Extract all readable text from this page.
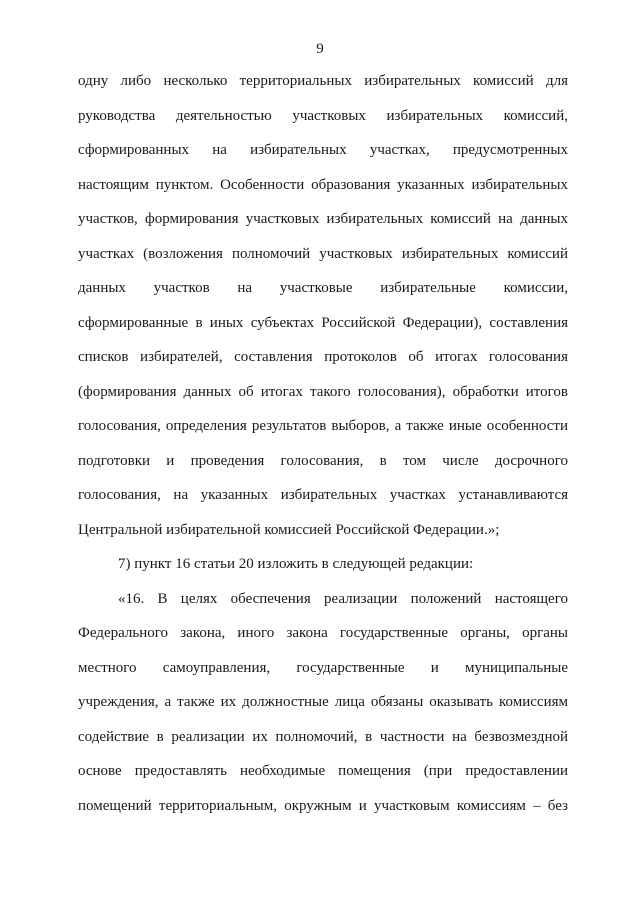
9
одну либо несколько территориальных избирательных комиссий для
руководства деятельностью участковых избирательных комиссий,
сформированных на избирательных участках, предусмотренных
настоящим пунктом. Особенности образования указанных избирательных
участков, формирования участковых избирательных комиссий на данных
участках (возложения полномочий участковых избирательных комиссий
данных участков на участковые избирательные комиссии,
сформированные в иных субъектах Российской Федерации), составления
списков избирателей, составления протоколов об итогах голосования
(формирования данных об итогах такого голосования), обработки итогов
голосования, определения результатов выборов, а также иные особенности
подготовки и проведения голосования, в том числе досрочного
голосования, на указанных избирательных участках устанавливаются
Центральной избирательной комиссией Российской Федерации.»;
7) пункт 16 статьи 20 изложить в следующей редакции:
«16. В целях обеспечения реализации положений настоящего
Федерального закона, иного закона государственные органы, органы
местного самоуправления, государственные и муниципальные
учреждения, а также их должностные лица обязаны оказывать комиссиям
содействие в реализации их полномочий, в частности на безвозмездной
основе предоставлять необходимые помещения (при предоставлении
помещений территориальным, окружным и участковым комиссиям – без
